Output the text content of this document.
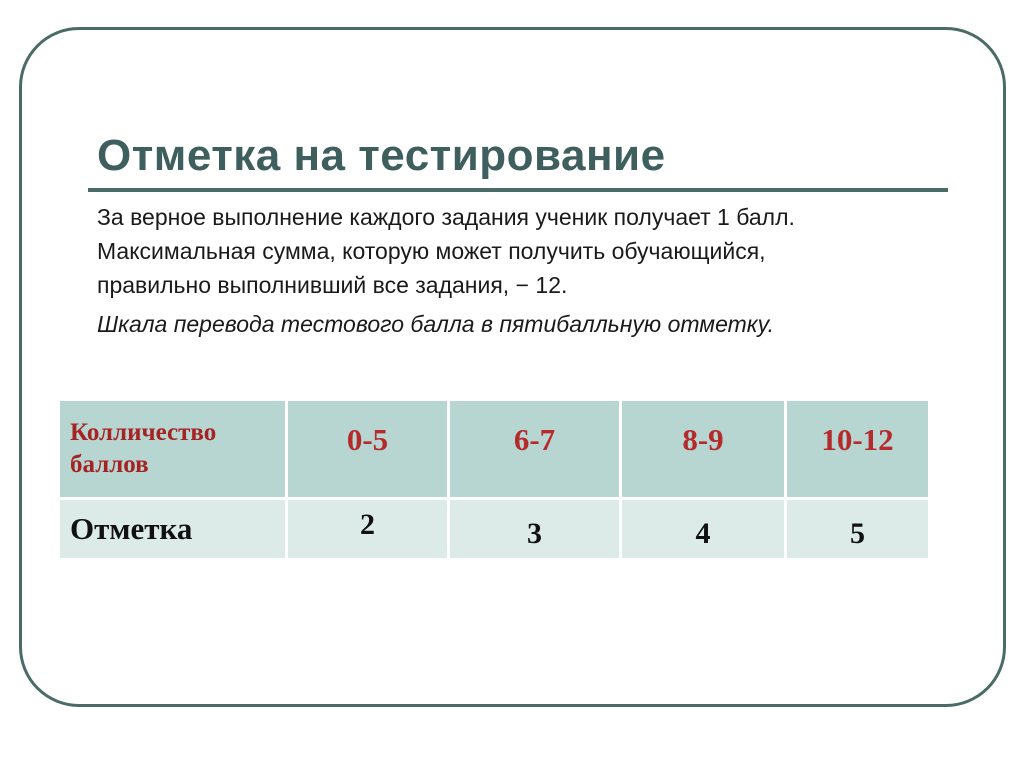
Отметка на тестирование

За верное выполнение каждого задания ученик получает 1 балл.
Максимальная сумма, которую может получить обучающийся,
правильно выполнивший все задания, − 12.

Шкала перевода тестового балла в пятибалльную отметку.

Колличество
баллов	0-5	6-7	8-9	10-12
Отметка	2	3	4	5
